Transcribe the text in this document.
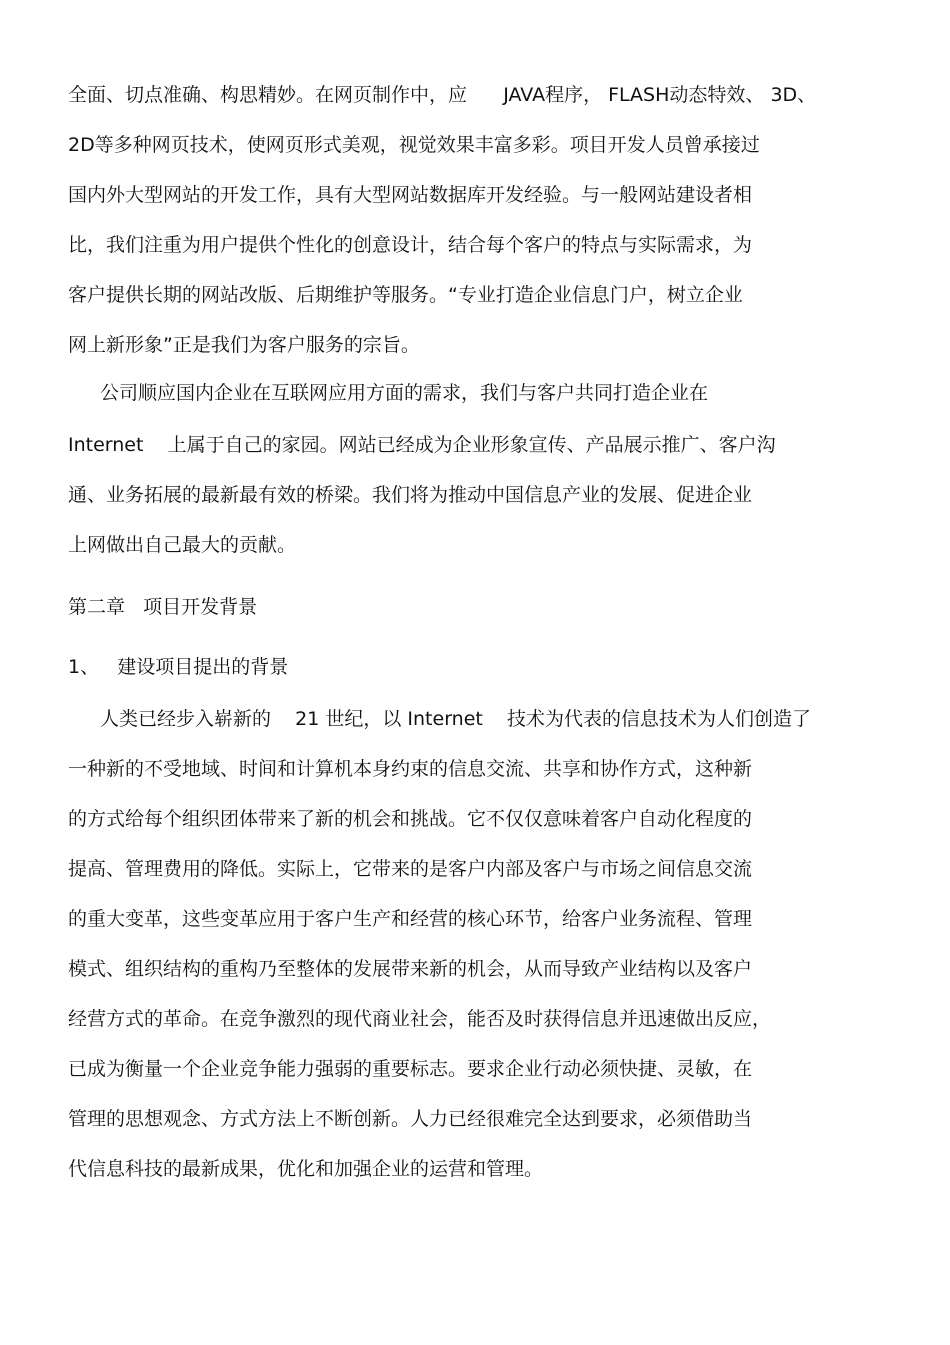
全面、切点准确、构思精妙。在网页制作中，应      JAVA程序， FLASH动态特效、 3D、
2D等多种网页技术，使网页形式美观，视觉效果丰富多彩。项目开发人员曾承接过
国内外大型网站的开发工作，具有大型网站数据库开发经验。与一般网站建设者相
比，我们注重为用户提供个性化的创意设计，结合每个客户的特点与实际需求，为
客户提供长期的网站改版、后期维护等服务。“专业打造企业信息门户，树立企业
网上新形象”正是我们为客户服务的宗旨。
公司顺应国内企业在互联网应用方面的需求，我们与客户共同打造企业在
Internet    上属于自己的家园。网站已经成为企业形象宣传、产品展示推广、客户沟
通、业务拓展的最新最有效的桥梁。我们将为推动中国信息产业的发展、促进企业
上网做出自己最大的贡献。
第二章   项目开发背景
1、   建设项目提出的背景
人类已经步入崭新的    21 世纪，以 Internet    技术为代表的信息技术为人们创造了
一种新的不受地域、时间和计算机本身约束的信息交流、共享和协作方式，这种新
的方式给每个组织团体带来了新的机会和挑战。它不仅仅意味着客户自动化程度的
提高、管理费用的降低。实际上，它带来的是客户内部及客户与市场之间信息交流
的重大变革，这些变革应用于客户生产和经营的核心环节，给客户业务流程、管理
模式、组织结构的重构乃至整体的发展带来新的机会，从而导致产业结构以及客户
经营方式的革命。在竞争激烈的现代商业社会，能否及时获得信息并迅速做出反应，
已成为衡量一个企业竞争能力强弱的重要标志。要求企业行动必须快捷、灵敏，在
管理的思想观念、方式方法上不断创新。人力已经很难完全达到要求，必须借助当
代信息科技的最新成果，优化和加强企业的运营和管理。
